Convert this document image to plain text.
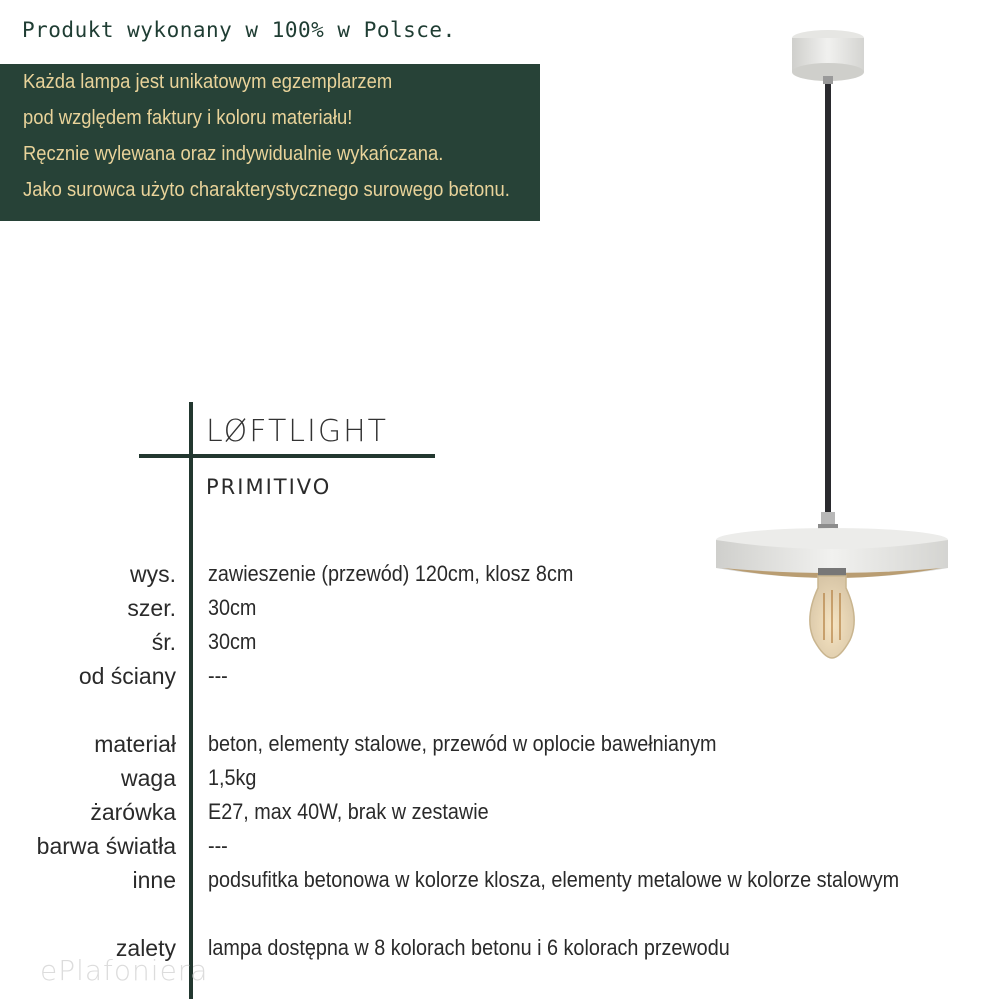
Produkt wykonany w 100% w Polsce.
Każda lampa jest unikatowym egzemplarzem
pod względem faktury i koloru materiału!
Ręcznie wylewana oraz indywidualnie wykańczana.
Jako surowca użyto charakterystycznego surowego betonu.
LØFTLIGHT
PRIMITIVO
wys. zawieszenie (przewód) 120cm, klosz 8cm
szer. 30cm
śr. 30cm
od ściany ---
materiał beton, elementy stalowe, przewód w oplocie bawełnianym
waga 1,5kg
żarówka E27, max 40W, brak w zestawie
barwa światła ---
inne podsufitka betonowa w kolorze klosza, elementy metalowe w kolorze stalowym
zalety lampa dostępna w 8 kolorach betonu i 6 kolorach przewodu
ePlafoniera
